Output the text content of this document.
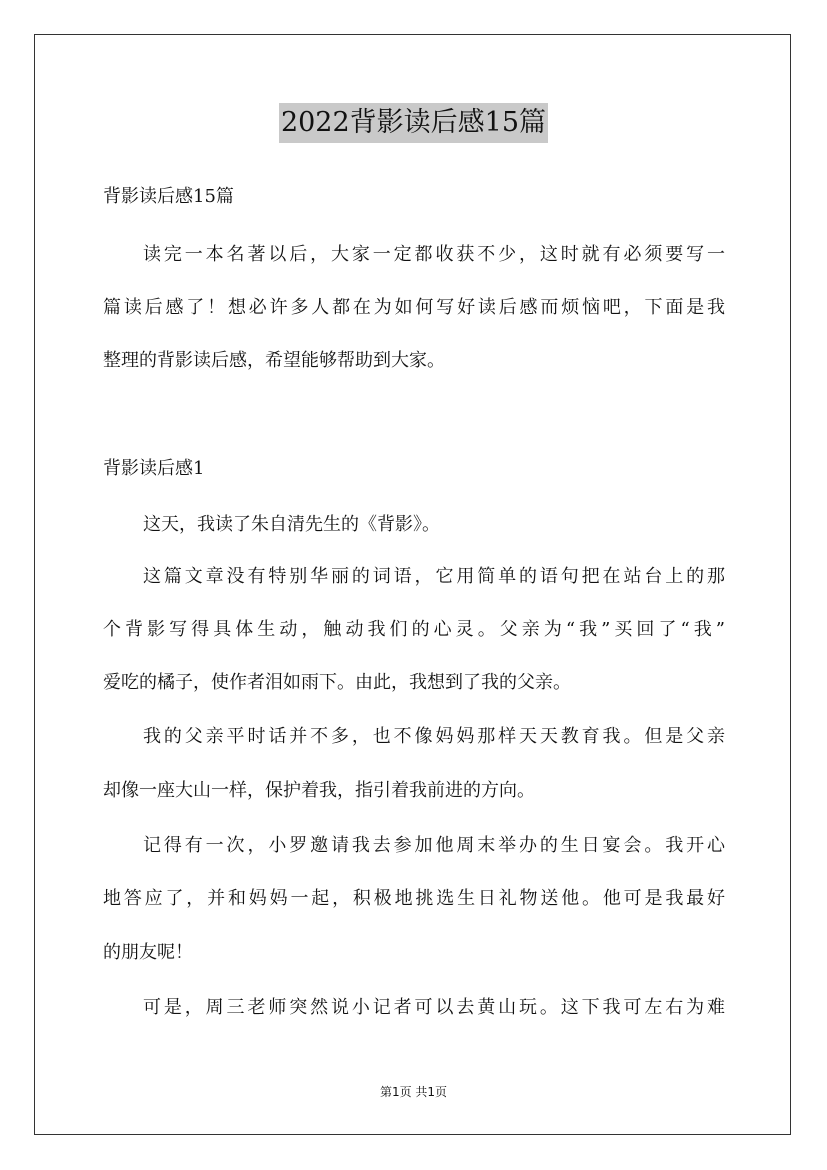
2022背影读后感15篇
背影读后感15篇
读完一本名著以后，大家一定都收获不少，这时就有必须要写一
篇读后感了！想必许多人都在为如何写好读后感而烦恼吧，下面是我
整理的背影读后感，希望能够帮助到大家。
背影读后感1
这天，我读了朱自清先生的《背影》。
这篇文章没有特别华丽的词语，它用简单的语句把在站台上的那
个背影写得具体生动，触动我们的心灵。父亲为“我”买回了“我”
爱吃的橘子，使作者泪如雨下。由此，我想到了我的父亲。
我的父亲平时话并不多，也不像妈妈那样天天教育我。但是父亲
却像一座大山一样，保护着我，指引着我前进的方向。
记得有一次，小罗邀请我去参加他周末举办的生日宴会。我开心
地答应了，并和妈妈一起，积极地挑选生日礼物送他。他可是我最好
的朋友呢！
可是，周三老师突然说小记者可以去黄山玩。这下我可左右为难
第1页 共1页
